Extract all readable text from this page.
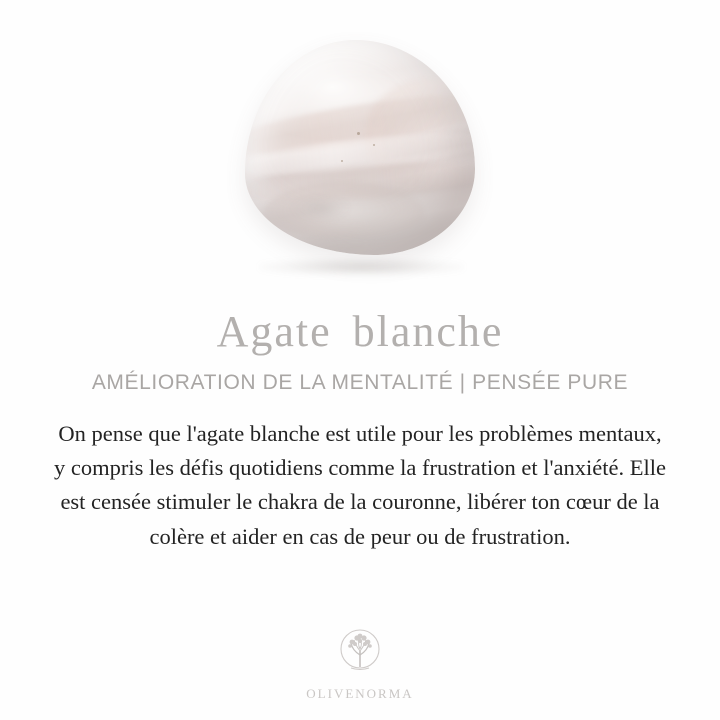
Agate blanche
AMÉLIORATION DE LA MENTALITÉ | PENSÉE PURE

On pense que l'agate blanche est utile pour les problèmes mentaux, y compris les défis quotidiens comme la frustration et l'anxiété. Elle est censée stimuler le chakra de la couronne, libérer ton cœur de la colère et aider en cas de peur ou de frustration.

OLIVENORMA
